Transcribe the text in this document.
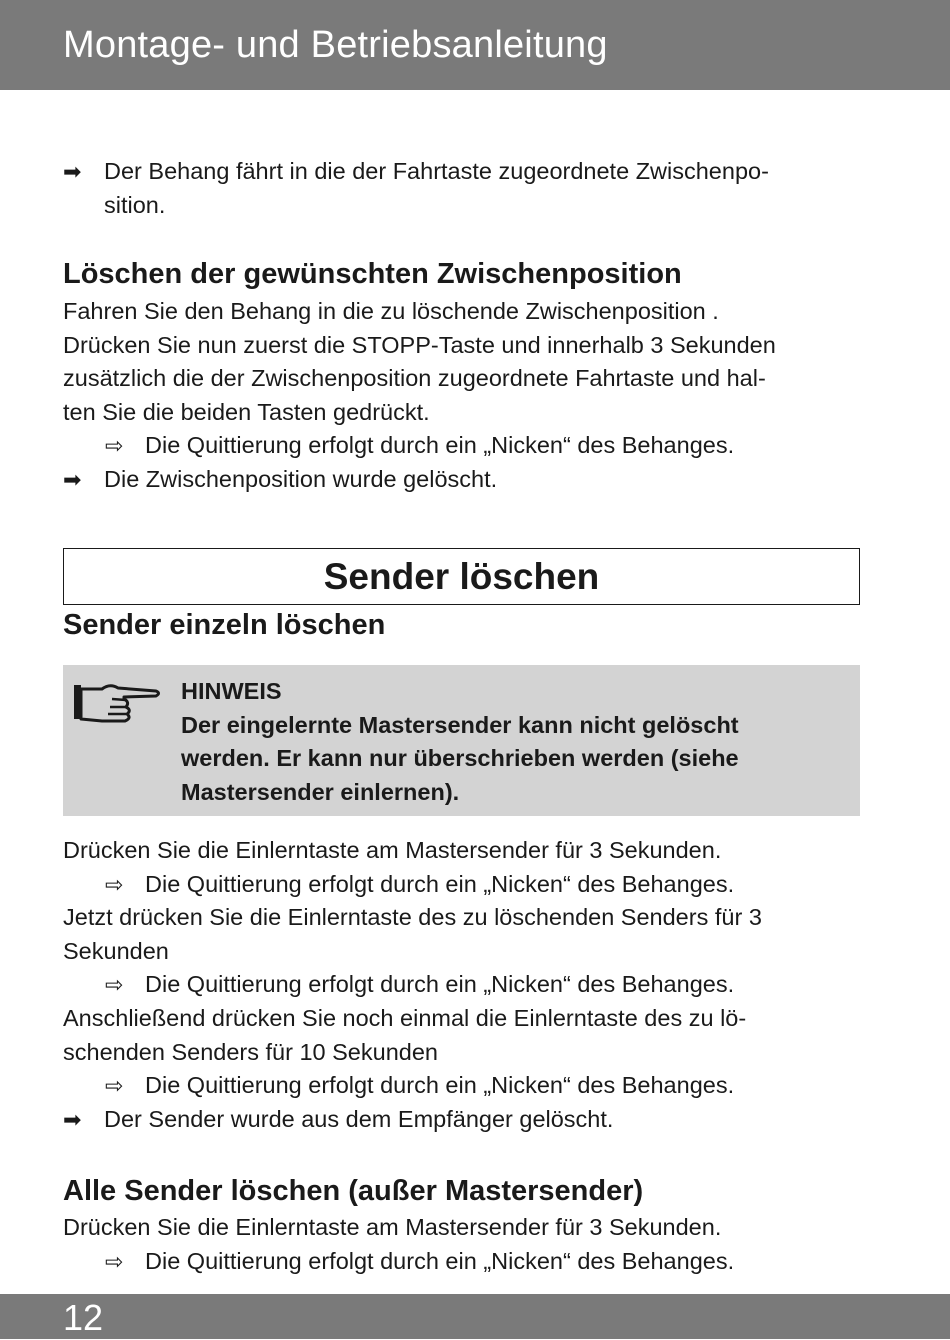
Montage- und Betriebsanleitung
➡ Der Behang fährt in die der Fahrtaste zugeordnete Zwischenpo-
sition.
Löschen der gewünschten Zwischenposition
Fahren Sie den Behang in die zu löschende Zwischenposition .
Drücken Sie nun zuerst die STOPP-Taste und innerhalb 3 Sekunden
zusätzlich die der Zwischenposition zugeordnete Fahrtaste und hal-
ten Sie die beiden Tasten gedrückt.
⇨ Die Quittierung erfolgt durch ein „Nicken“ des Behanges.
➡ Die Zwischenposition wurde gelöscht.
Sender löschen
Sender einzeln löschen
HINWEIS
Der eingelernte Mastersender kann nicht gelöscht
werden. Er kann nur überschrieben werden (siehe
Mastersender einlernen).
Drücken Sie die Einlerntaste am Mastersender für 3 Sekunden.
⇨ Die Quittierung erfolgt durch ein „Nicken“ des Behanges.
Jetzt drücken Sie die Einlerntaste des zu löschenden Senders für 3
Sekunden
⇨ Die Quittierung erfolgt durch ein „Nicken“ des Behanges.
Anschließend drücken Sie noch einmal die Einlerntaste des zu lö-
schenden Senders für 10 Sekunden
⇨ Die Quittierung erfolgt durch ein „Nicken“ des Behanges.
➡ Der Sender wurde aus dem Empfänger gelöscht.
Alle Sender löschen (außer Mastersender)
Drücken Sie die Einlerntaste am Mastersender für 3 Sekunden.
⇨ Die Quittierung erfolgt durch ein „Nicken“ des Behanges.
12
